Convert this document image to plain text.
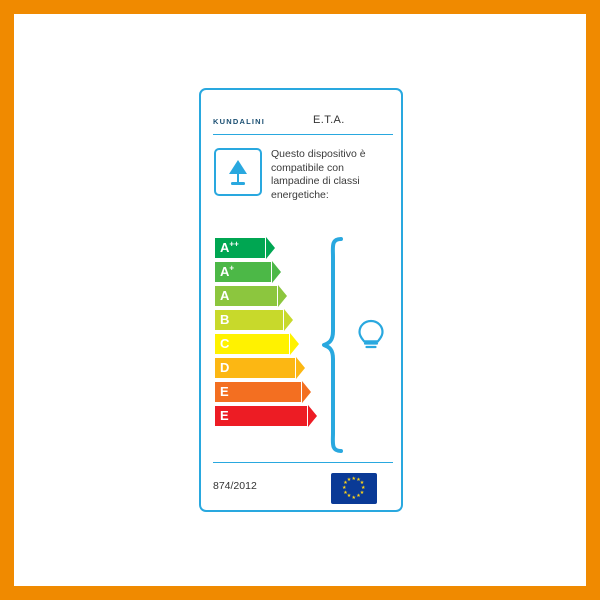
KUNDALINI	E.T.A.
Questo dispositivo è compatibile con lampadine di classi energetiche:
A++
A+
A
B
C
D
E
E
874/2012
★ ★
★
★
★
★
★
★
★
★
★
★
